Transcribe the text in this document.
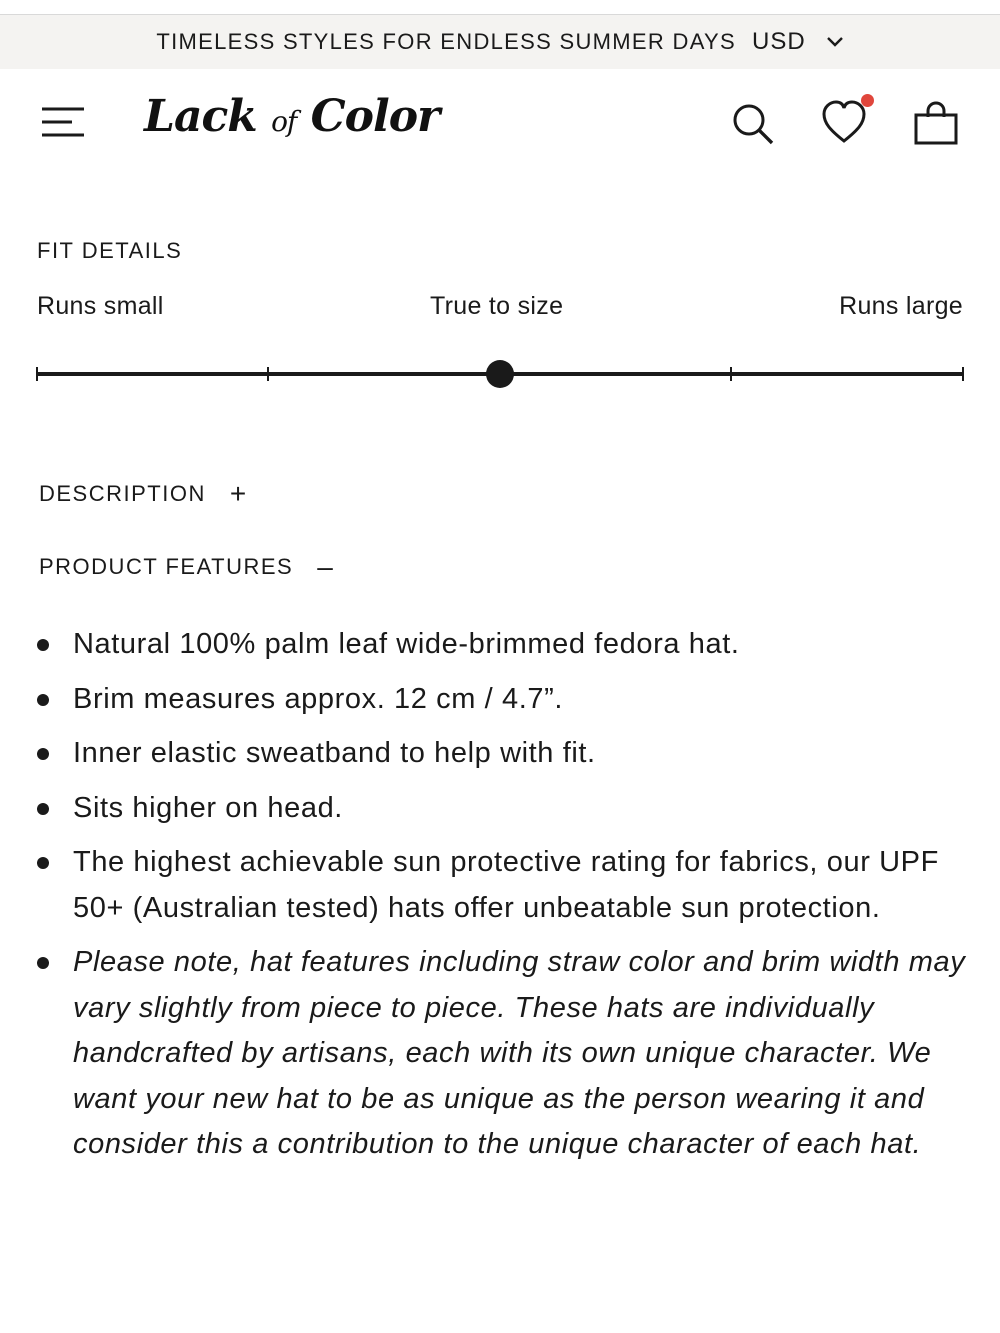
TIMELESS STYLES FOR ENDLESS SUMMER DAYS USD
Lack of Color
FIT DETAILS
Runs small	True to size	Runs large
DESCRIPTION +
PRODUCT FEATURES –
Natural 100% palm leaf wide-brimmed fedora hat.
Brim measures approx. 12 cm / 4.7”.
Inner elastic sweatband to help with fit.
Sits higher on head.
The highest achievable sun protective rating for fabrics, our UPF 50+ (Australian tested) hats offer unbeatable sun protection.
Please note, hat features including straw color and brim width may vary slightly from piece to piece. These hats are individually handcrafted by artisans, each with its own unique character. We want your new hat to be as unique as the person wearing it and consider this a contribution to the unique character of each hat.
